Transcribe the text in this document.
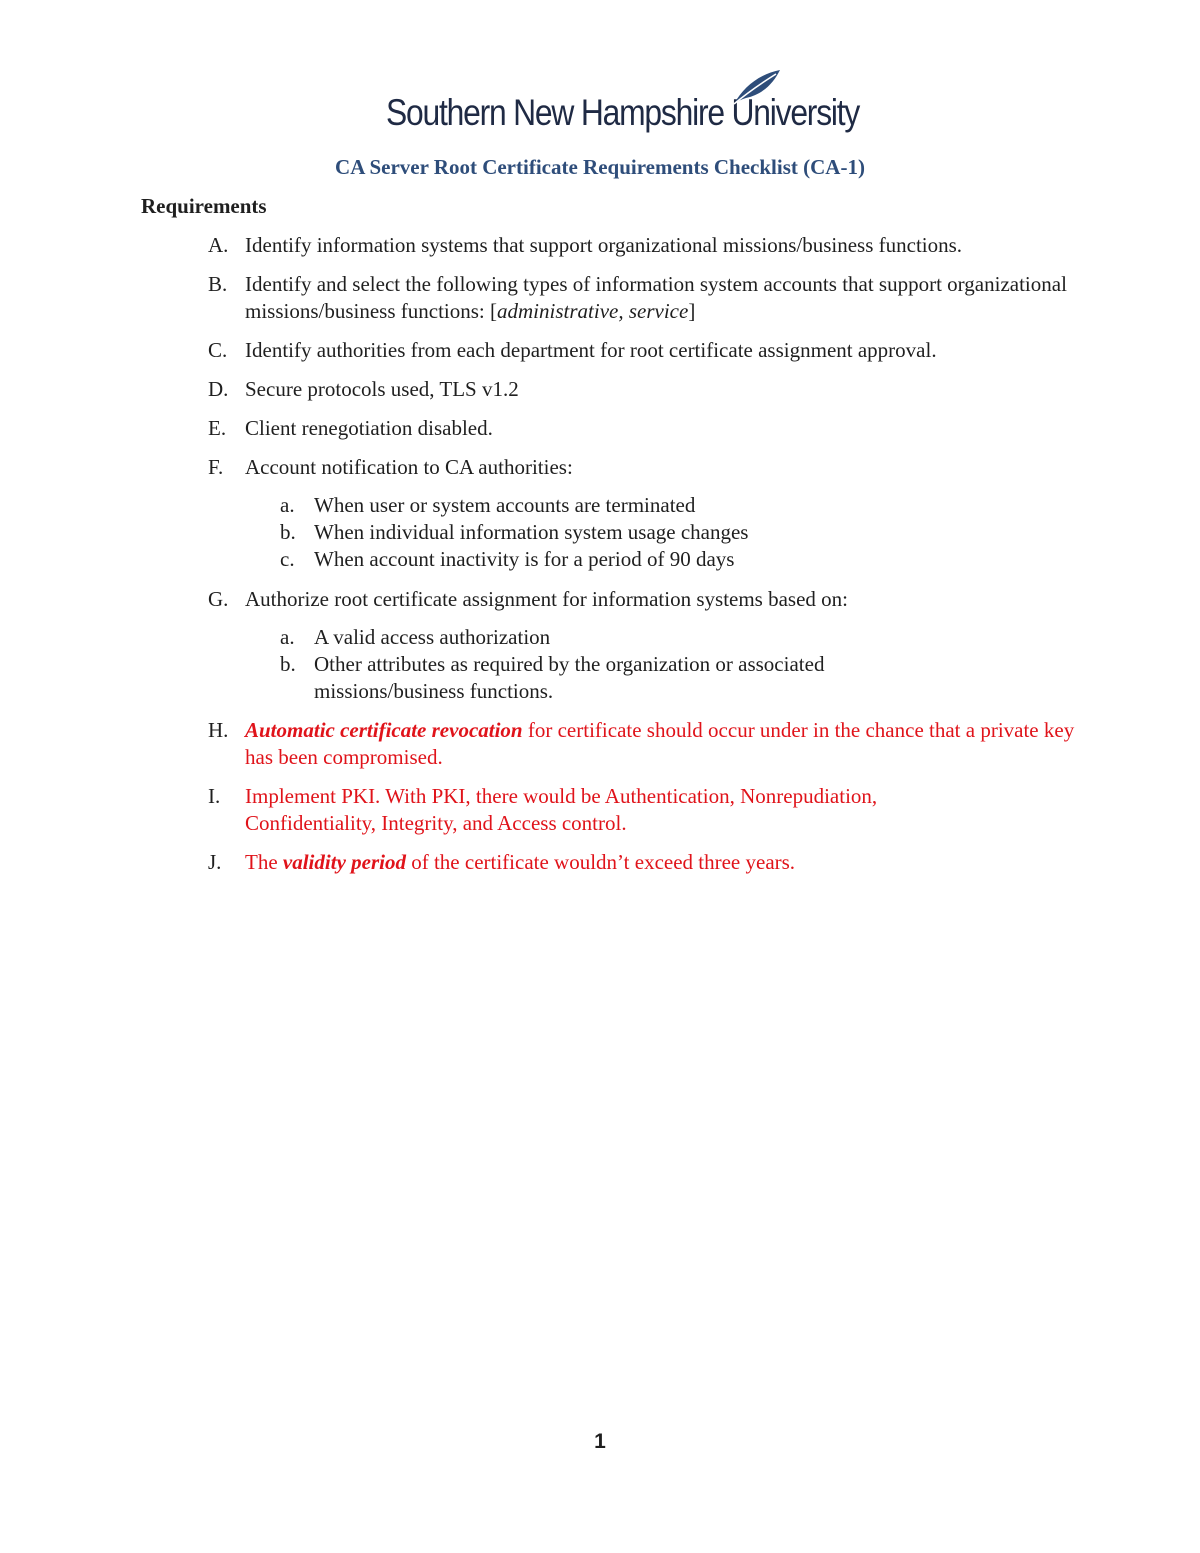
Southern New Hampshire University
CA Server Root Certificate Requirements Checklist (CA-1)
Requirements
A. Identify information systems that support organizational missions/business functions.
B. Identify and select the following types of information system accounts that support organizational missions/business functions: [administrative, service]
C. Identify authorities from each department for root certificate assignment approval.
D. Secure protocols used, TLS v1.2
E. Client renegotiation disabled.
F. Account notification to CA authorities:
a. When user or system accounts are terminated
b. When individual information system usage changes
c. When account inactivity is for a period of 90 days
G. Authorize root certificate assignment for information systems based on:
a. A valid access authorization
b. Other attributes as required by the organization or associated missions/business functions.
H. Automatic certificate revocation for certificate should occur under in the chance that a private key has been compromised.
I. Implement PKI. With PKI, there would be Authentication, Nonrepudiation, Confidentiality, Integrity, and Access control.
J. The validity period of the certificate wouldn’t exceed three years.
1
